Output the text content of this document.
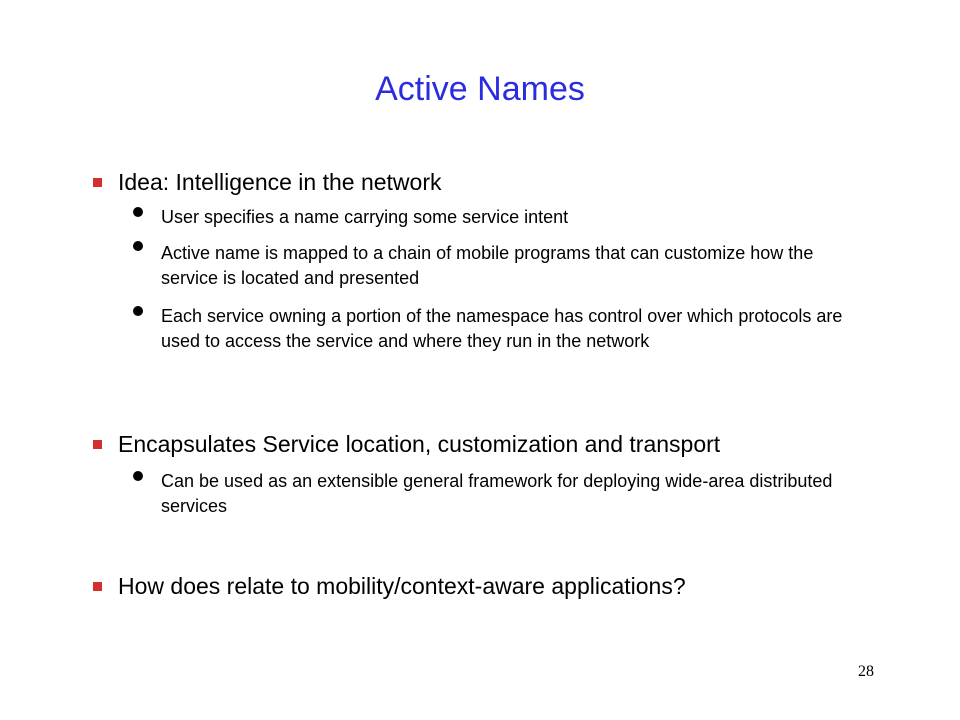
Active Names
Idea: Intelligence in the network
User specifies a name carrying some service intent
Active name is mapped to a chain of mobile programs that can customize how the service is located and presented
Each service owning a portion of the namespace has control over which protocols are used to access the service and where they run in the network
Encapsulates Service location, customization and transport
Can be used as an extensible general framework for deploying wide-area distributed services
How does relate to mobility/context-aware applications?
28
